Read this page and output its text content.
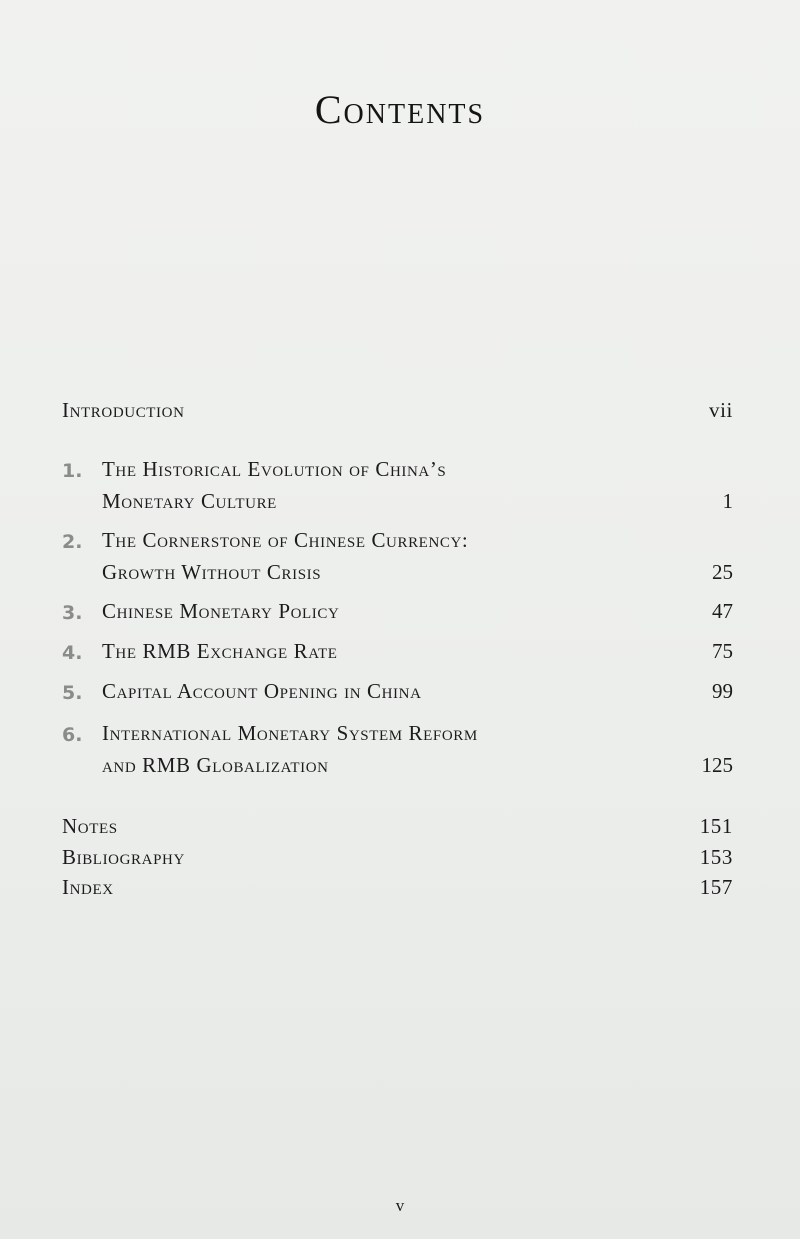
Contents
Introduction	vii
1. The Historical Evolution of China’s
Monetary Culture	1
2. The Cornerstone of Chinese Currency:
Growth Without Crisis	25
3. Chinese Monetary Policy	47
4. The RMB Exchange Rate	75
5. Capital Account Opening in China	99
6. International Monetary System Reform
and RMB Globalization	125
Notes	151
Bibliography	153
Index	157
v
